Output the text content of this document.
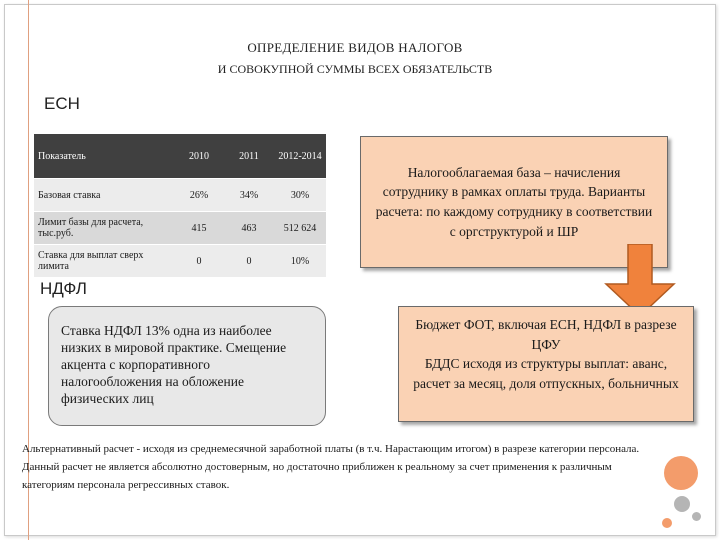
ОПРЕДЕЛЕНИЕ ВИДОВ НАЛОГОВ
И СОВОКУПНОЙ СУММЫ ВСЕХ ОБЯЗАТЕЛЬСТВ
ЕСН
Показатель	2010	2011	2012-2014
Базовая ставка	26%	34%	30%
Лимит базы для расчета, тыс.руб.	415	463	512 624
Ставка для выплат сверх лимита	0	0	10%
Налогооблагаемая база – начисления сотруднику в рамках оплаты труда. Варианты расчета: по каждому сотруднику в соответствии с оргструктурой и ШР
НДФЛ
Ставка НДФЛ 13% одна из наиболее низких в мировой практике. Смещение акцента с корпоративного налогообложения на обложение физических лиц
Бюджет ФОТ, включая ЕСН, НДФЛ в разрезе ЦФУ
БДДС исходя из структуры выплат: аванс, расчет за месяц, доля отпускных, больничных
Альтернативный расчет - исходя из среднемесячной заработной платы (в т.ч. Нарастающим итогом) в разрезе категории персонала. Данный расчет не является абсолютно достоверным, но достаточно приближен к реальному за счет применения к различным категориям персонала регрессивных ставок.
